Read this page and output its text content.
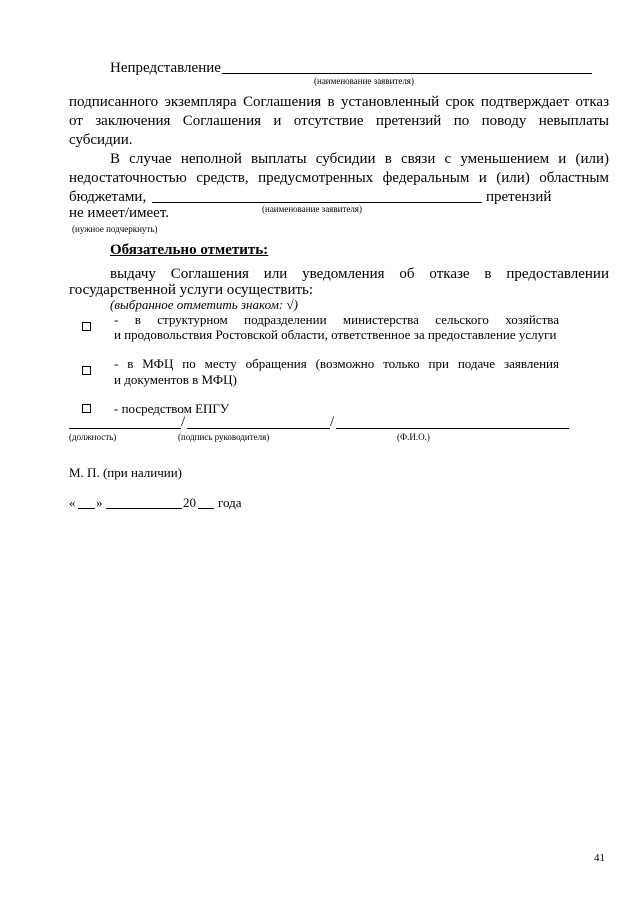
Непредставление
(наименование заявителя)
подписанного экземпляра Соглашения в установленный срок подтверждает отказ
от заключения Соглашения и отсутствие претензий по поводу невыплаты
субсидии.
В случае неполной выплаты субсидии в связи с уменьшением и (или)
недостаточностью средств, предусмотренных федеральным и (или) областным
бюджетами,	претензий
(наименование заявителя)
не имеет/имеет.
(нужное подчеркнуть)
Обязательно отметить:
выдачу Соглашения или уведомления об отказе в предоставлении
государственной услуги осуществить:
(выбранное отметить знаком: √)
- в структурном подразделении министерства сельского хозяйства
и продовольствия Ростовской области, ответственное за предоставление услуги
- в МФЦ по месту обращения (возможно только при подаче заявления
и документов в МФЦ)
- посредством ЕПГУ
/	/
(должность)	(подпись руководителя)	(Ф.И.О.)
М. П. (при наличии)
« »	20 года
41
